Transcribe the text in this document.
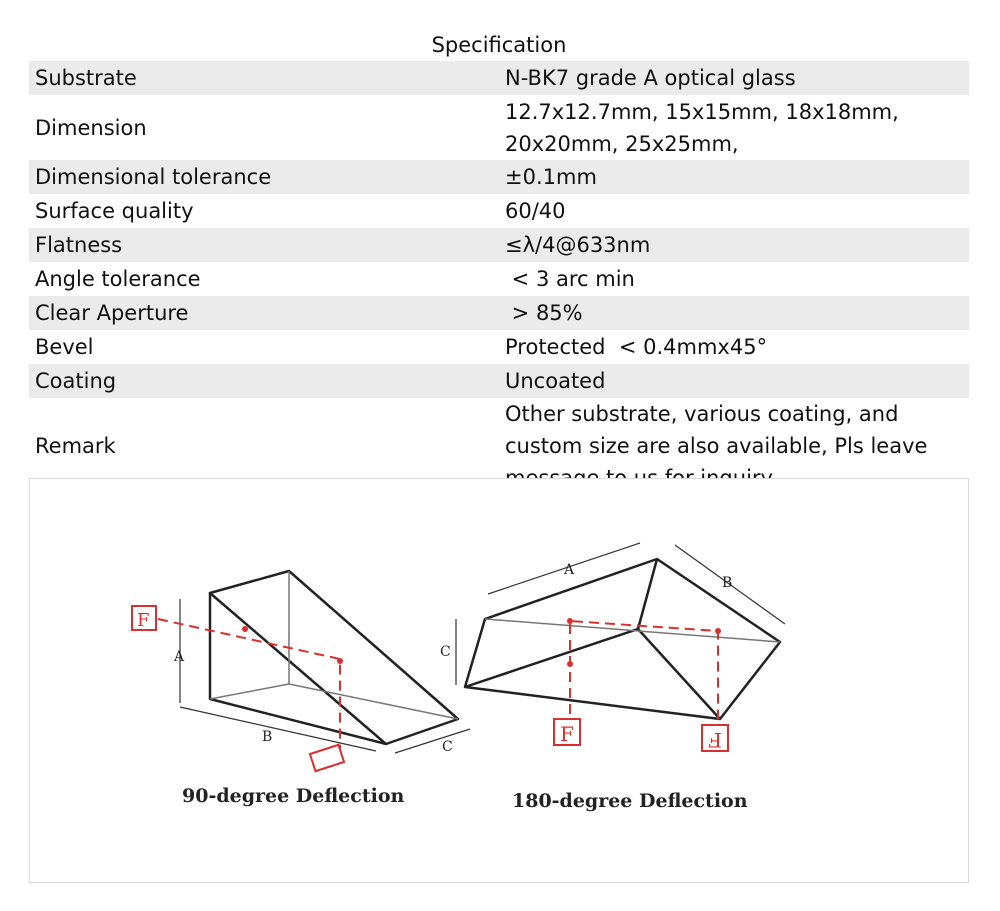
Specification	
Substrate	N-BK7 grade A optical glass
Dimension	12.7x12.7mm, 15x15mm, 18x18mm, 20x20mm, 25x25mm,
Dimensional tolerance	±0.1mm
Surface quality	60/40
Flatness	≤λ/4@633nm
Angle tolerance	< 3 arc min
Clear Aperture	> 85%
Bevel	Protected  < 0.4mmx45°
Coating	Uncoated
Remark	Other substrate, various coating, and custom size are also available, Pls leave
A
B
C
F
90-degree Deflection
A
B
C
F	F
180-degree Deflection
